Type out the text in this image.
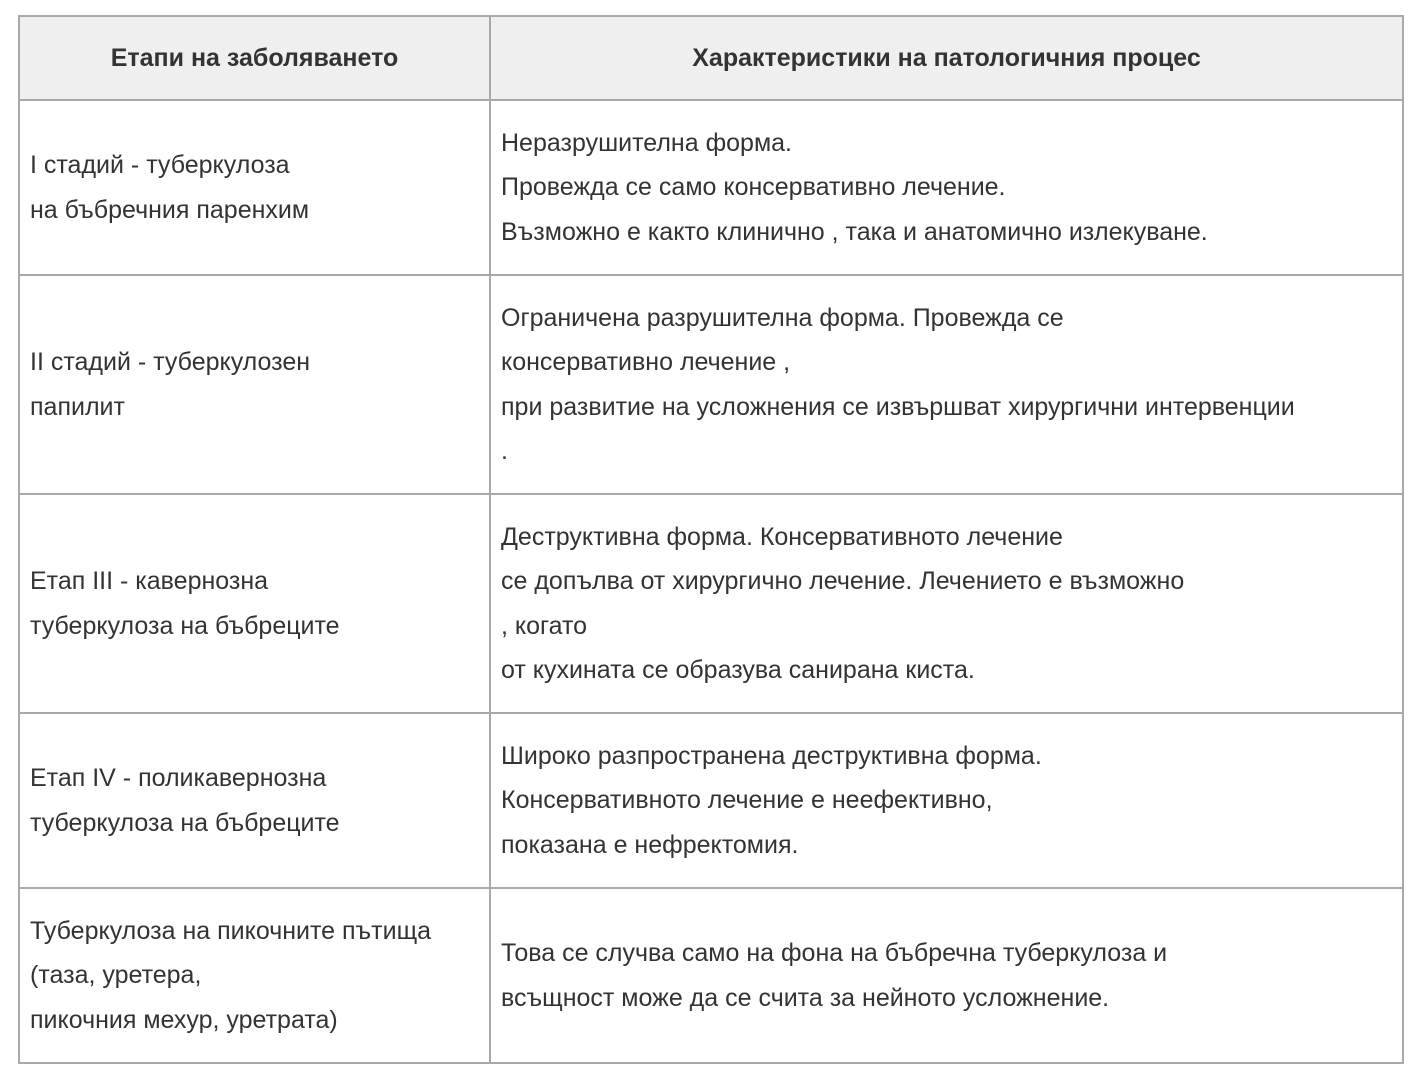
Етапи на заболяването	Характеристики на патологичния процес

I стадий - туберкулоза
на бъбречния паренхим	Неразрушителна форма.
Провежда се само консервативно лечение.
Възможно е както клинично , така и анатомично излекуване.

II стадий - туберкулозен
папилит	Ограничена разрушителна форма. Провежда се
консервативно лечение ,
при развитие на усложнения се извършват хирургични интервенции
.

Етап III - кавернозна
туберкулоза на бъбреците	Деструктивна форма. Консервативното лечение
се допълва от хирургично лечение. Лечението е възможно
, когато
от кухината се образува санирана киста.

Етап IV - поликавернозна
туберкулоза на бъбреците	Широко разпространена деструктивна форма.
Консервативното лечение е неефективно,
показана е нефректомия.

Туберкулоза на пикочните пътища
(таза, уретера,
пикочния мехур, уретрата)	Това се случва само на фона на бъбречна туберкулоза и
всъщност може да се счита за нейното усложнение.
